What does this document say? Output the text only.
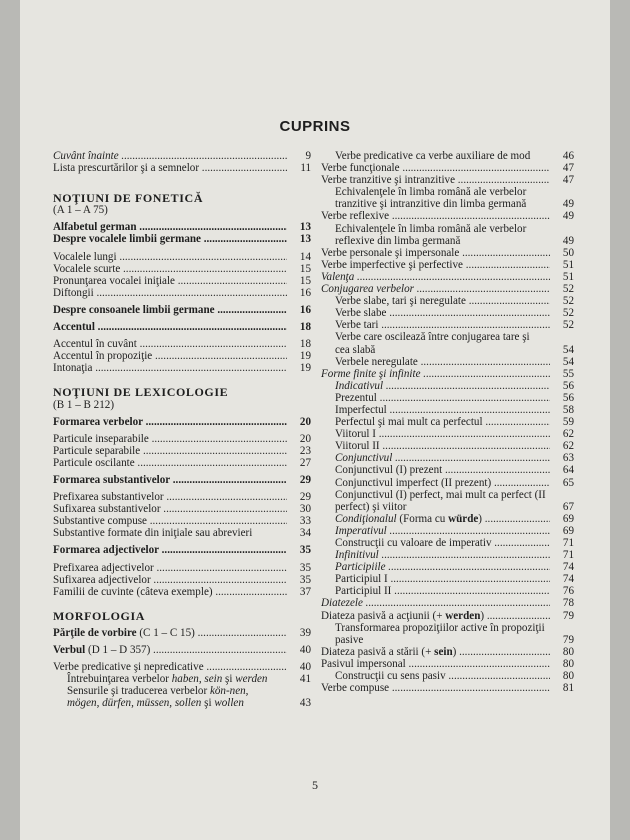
CUPRINS
Cuvânt înainte .....	9
Lista prescurtărilor şi a semnelor .....	11
NOŢIUNI DE FONETICĂ
(A 1 – A 75)
Alfabetul german .....	13
Despre vocalele limbii germane .....	13
Vocalele lungi .....	14
Vocalele scurte .....	15
Pronunţarea vocalei iniţiale .....	15
Diftongii .....	16
Despre consoanele limbii germane .....	16
Accentul .....	18
Accentul în cuvânt .....	18
Accentul în propoziţie .....	19
Intonaţia .....	19
NOŢIUNI DE LEXICOLOGIE
(B 1 – B 212)
Formarea verbelor .....	20
Particule inseparabile .....	20
Particule separabile .....	23
Particule oscilante .....	27
Formarea substantivelor .....	29
Prefixarea substantivelor .....	29
Sufixarea substantivelor .....	30
Substantive compuse .....	33
Substantive formate din iniţiale sau abrevieri	34
Formarea adjectivelor .....	35
Prefixarea adjectivelor .....	35
Sufixarea adjectivelor .....	35
Familii de cuvinte (câteva exemple) .....	37
MORFOLOGIA
Părţile de vorbire (C 1 – C 15) .....	39
Verbul (D 1 – D 357) .....	40
Verbe predicative şi nepredicative .....	40
Întrebuinţarea verbelor haben, sein şi werden	41
Sensurile şi traducerea verbelor kön-nen, mögen, dürfen, müssen, sollen şi wollen	43
Verbe predicative ca verbe auxiliare de mod	46
Verbe funcţionale .....	47
Verbe tranzitive şi intranzitive .....	47
Echivalenţele în limba română ale verbelor tranzitive şi intranzitive din limba germană	49
Verbe reflexive .....	49
Echivalenţele în limba română ale verbelor reflexive din limba germană	49
Verbe personale şi impersonale .....	50
Verbe imperfective şi perfective .....	51
Valenţa .....	51
Conjugarea verbelor .....	52
Verbe slabe, tari şi neregulate .....	52
Verbe slabe .....	52
Verbe tari .....	52
Verbe care oscilează între conjugarea tare şi cea slabă	54
Verbele neregulate .....	54
Forme finite şi infinite .....	55
Indicativul .....	56
Prezentul .....	56
Imperfectul .....	58
Perfectul şi mai mult ca perfectul .....	59
Viitorul I .....	62
Viitorul II .....	62
Conjunctivul .....	63
Conjunctivul (I) prezent .....	64
Conjunctivul imperfect (II prezent) .....	65
Conjunctivul (I) perfect, mai mult ca perfect (II perfect) şi viitor	67
Condiţionalul (Forma cu würde) .....	69
Imperativul .....	69
Construcţii cu valoare de imperativ .....	71
Infinitivul .....	71
Participiile .....	74
Participiul I .....	74
Participiul II .....	76
Diatezele .....	78
Diateza pasivă a acţiunii (+ werden) .....	79
Transformarea propoziţiilor active în propoziţii pasive	79
Diateza pasivă a stării (+ sein) .....	80
Pasivul impersonal .....	80
Construcţii cu sens pasiv .....	80
Verbe compuse .....	81
5
